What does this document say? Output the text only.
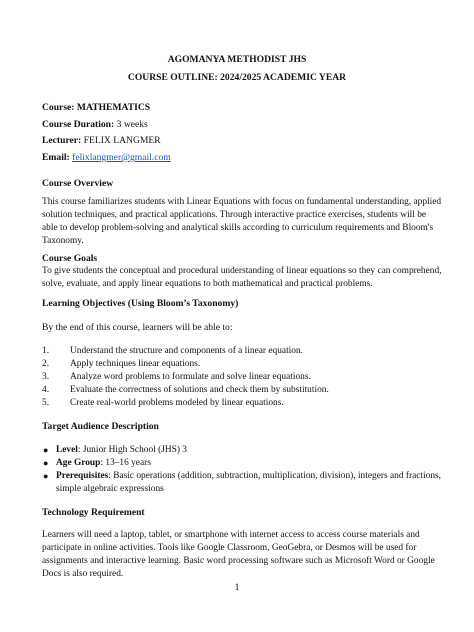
AGOMANYA METHODIST JHS
COURSE OUTLINE: 2024/2025 ACADEMIC YEAR
Course: MATHEMATICS
Course Duration: 3 weeks
Lecturer: FELIX LANGMER
Email: felixlangmer@gmail.com
Course Overview
This course familiarizes students with Linear Equations with focus on fundamental understanding, applied solution techniques, and practical applications. Through interactive practice exercises, students will be able to develop problem-solving and analytical skills according to curriculum requirements and Bloom's Taxonomy.
Course Goals
To give students the conceptual and procedural understanding of linear equations so they can comprehend, solve, evaluate, and apply linear equations to both mathematical and practical problems.
Learning Objectives (Using Bloom’s Taxonomy)
By the end of this course, learners will be able to:
1. Understand the structure and components of a linear equation.
2. Apply techniques linear equations.
3. Analyze word problems to formulate and solve linear equations.
4. Evaluate the correctness of solutions and check them by substitution.
5. Create real-world problems modeled by linear equations.
Target Audience Description
● Level: Junior High School (JHS) 3
● Age Group: 13–16 years
● Prerequisites: Basic operations (addition, subtraction, multiplication, division), integers and fractions, simple algebraic expressions
Technology Requirement
Learners will need a laptop, tablet, or smartphone with internet access to access course materials and participate in online activities. Tools like Google Classroom, GeoGebra, or Desmos will be used for assignments and interactive learning. Basic word processing software such as Microsoft Word or Google Docs is also required.
1
